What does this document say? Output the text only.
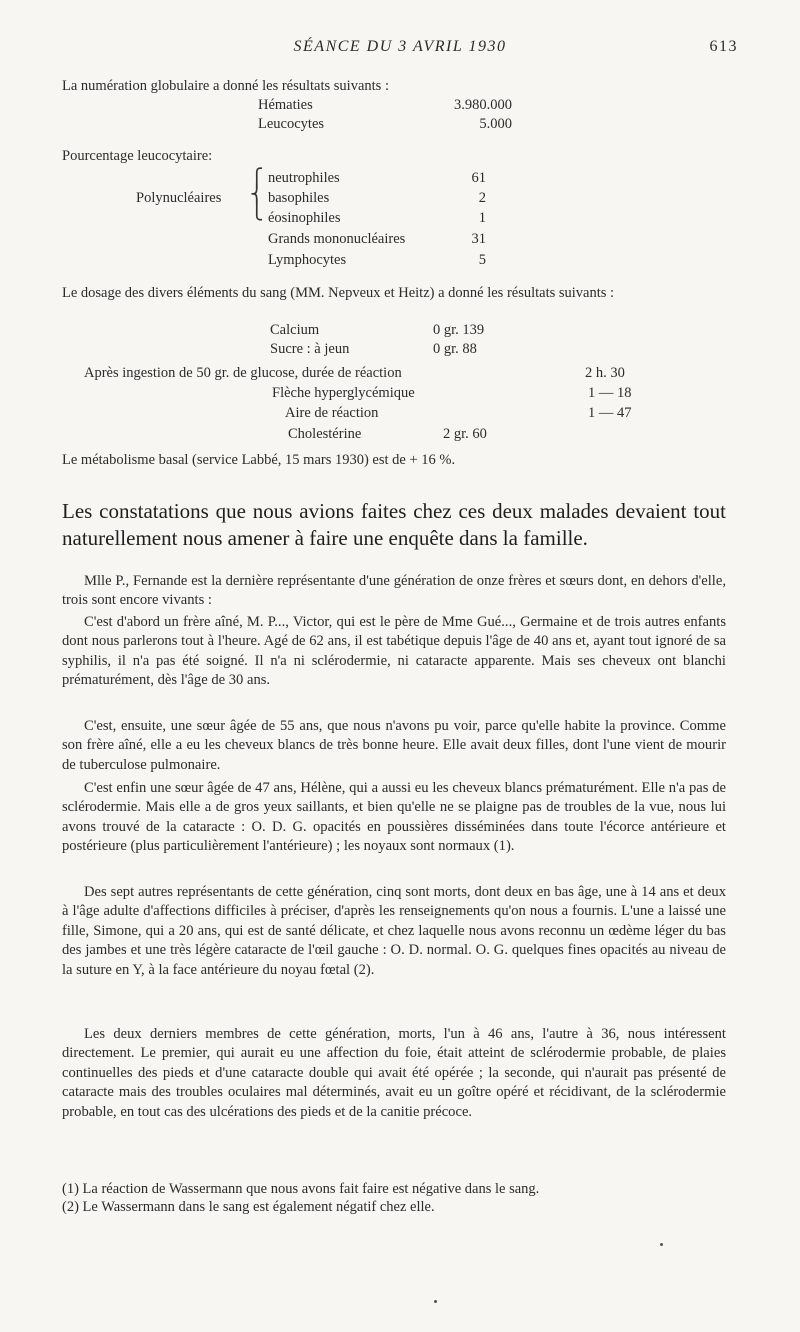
SÉANCE DU 3 AVRIL 1930	613
La numération globulaire a donné les résultats suivants :
Hématies	3.980.000
Leucocytes	5.000
Pourcentage leucocytaire:
Polynucléaires
⎧
⎨
⎩
neutrophiles	61
basophiles	2
éosinophiles	1
Grands mononucléaires	31
Lymphocytes	5
Le dosage des divers éléments du sang (MM. Nepveux et Heitz) a donné les résultats suivants :
Calcium	0 gr. 139
Sucre : à jeun	0 gr. 88
Après ingestion de 50 gr. de glucose, durée de réaction	2 h. 30
Flèche hyperglycémique	1 — 18
Aire de réaction	1 — 47
Cholestérine	2 gr. 60
Le métabolisme basal (service Labbé, 15 mars 1930) est de + 16 %.
Les constatations que nous avions faites chez ces deux malades devaient tout naturellement nous amener à faire une enquête dans la famille.
Mlle P., Fernande est la dernière représentante d'une génération de onze frères et sœurs dont, en dehors d'elle, trois sont encore vivants :
C'est d'abord un frère aîné, M. P..., Victor, qui est le père de Mme Gué..., Germaine et de trois autres enfants dont nous parlerons tout à l'heure. Agé de 62 ans, il est tabétique depuis l'âge de 40 ans et, ayant tout ignoré de sa syphilis, il n'a pas été soigné. Il n'a ni sclérodermie, ni cataracte apparente. Mais ses cheveux ont blanchi prématurément, dès l'âge de 30 ans.
C'est, ensuite, une sœur âgée de 55 ans, que nous n'avons pu voir, parce qu'elle habite la province. Comme son frère aîné, elle a eu les cheveux blancs de très bonne heure. Elle avait deux filles, dont l'une vient de mourir de tuberculose pulmonaire.
C'est enfin une sœur âgée de 47 ans, Hélène, qui a aussi eu les cheveux blancs prématurément. Elle n'a pas de sclérodermie. Mais elle a de gros yeux saillants, et bien qu'elle ne se plaigne pas de troubles de la vue, nous lui avons trouvé de la cataracte : O. D. G. opacités en poussières disséminées dans toute l'écorce antérieure et postérieure (plus particulièrement l'antérieure) ; les noyaux sont normaux (1).
Des sept autres représentants de cette génération, cinq sont morts, dont deux en bas âge, une à 14 ans et deux à l'âge adulte d'affections difficiles à préciser, d'après les renseignements qu'on nous a fournis. L'une a laissé une fille, Simone, qui a 20 ans, qui est de santé délicate, et chez laquelle nous avons reconnu un œdème léger du bas des jambes et une très légère cataracte de l'œil gauche : O. D. normal. O. G. quelques fines opacités au niveau de la suture en Y, à la face antérieure du noyau fœtal (2).
Les deux derniers membres de cette génération, morts, l'un à 46 ans, l'autre à 36, nous intéressent directement. Le premier, qui aurait eu une affection du foie, était atteint de sclérodermie probable, de plaies continuelles des pieds et d'une cataracte double qui avait été opérée ; la seconde, qui n'aurait pas présenté de cataracte mais des troubles oculaires mal déterminés, avait eu un goître opéré et récidivant, de la sclérodermie probable, en tout cas des ulcérations des pieds et de la canitie précoce.
(1) La réaction de Wassermann que nous avons fait faire est négative dans le sang.
(2) Le Wassermann dans le sang est également négatif chez elle.
